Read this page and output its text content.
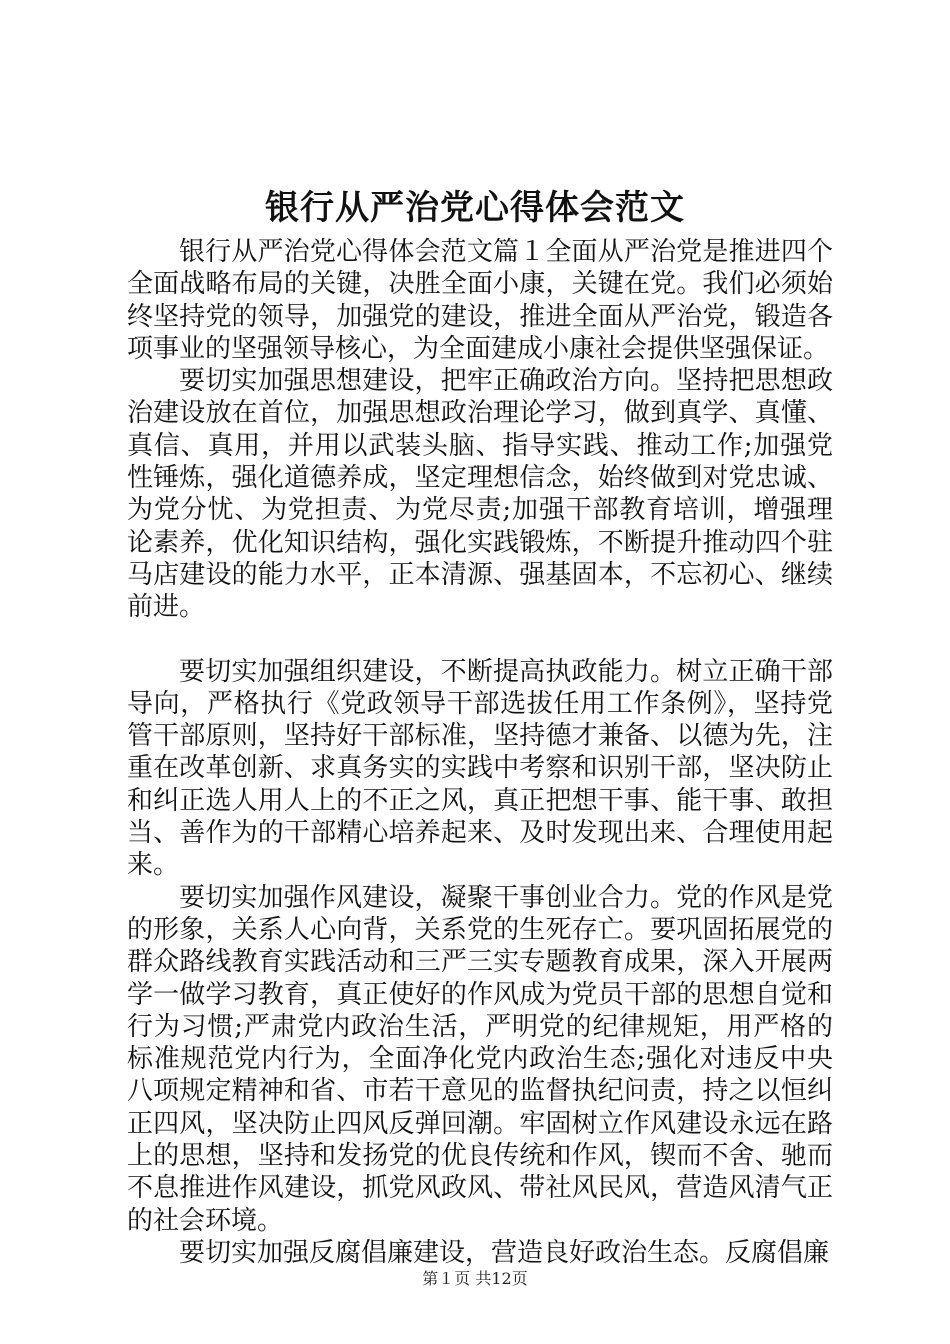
银行从严治党心得体会范文

银行从严治党心得体会范文篇１全面从严治党是推进四个全面战略布局的关键，决胜全面小康，关键在党。我们必须始终坚持党的领导，加强党的建设，推进全面从严治党，锻造各项事业的坚强领导核心，为全面建成小康社会提供坚强保证。

要切实加强思想建设，把牢正确政治方向。坚持把思想政治建设放在首位，加强思想政治理论学习，做到真学、真懂、真信、真用，并用以武装头脑、指导实践、推动工作;加强党性锤炼，强化道德养成，坚定理想信念，始终做到对党忠诚、为党分忧、为党担责、为党尽责;加强干部教育培训，增强理论素养，优化知识结构，强化实践锻炼，不断提升推动四个驻马店建设的能力水平，正本清源、强基固本，不忘初心、继续前进。

要切实加强组织建设，不断提高执政能力。树立正确干部导向，严格执行《党政领导干部选拔任用工作条例》，坚持党管干部原则，坚持好干部标准，坚持德才兼备、以德为先，注重在改革创新、求真务实的实践中考察和识别干部，坚决防止和纠正选人用人上的不正之风，真正把想干事、能干事、敢担当、善作为的干部精心培养起来、及时发现出来、合理使用起来。

要切实加强作风建设，凝聚干事创业合力。党的作风是党的形象，关系人心向背，关系党的生死存亡。要巩固拓展党的群众路线教育实践活动和三严三实专题教育成果，深入开展两学一做学习教育，真正使好的作风成为党员干部的思想自觉和行为习惯;严肃党内政治生活，严明党的纪律规矩，用严格的标准规范党内行为，全面净化党内政治生态;强化对违反中央八项规定精神和省、市若干意见的监督执纪问责，持之以恒纠正四风，坚决防止四风反弹回潮。牢固树立作风建设永远在路上的思想，坚持和发扬党的优良传统和作风，锲而不舍、驰而不息推进作风建设，抓党风政风、带社风民风，营造风清气正的社会环境。

要切实加强反腐倡廉建设，营造良好政治生态。反腐倡廉

第１页 共12页
